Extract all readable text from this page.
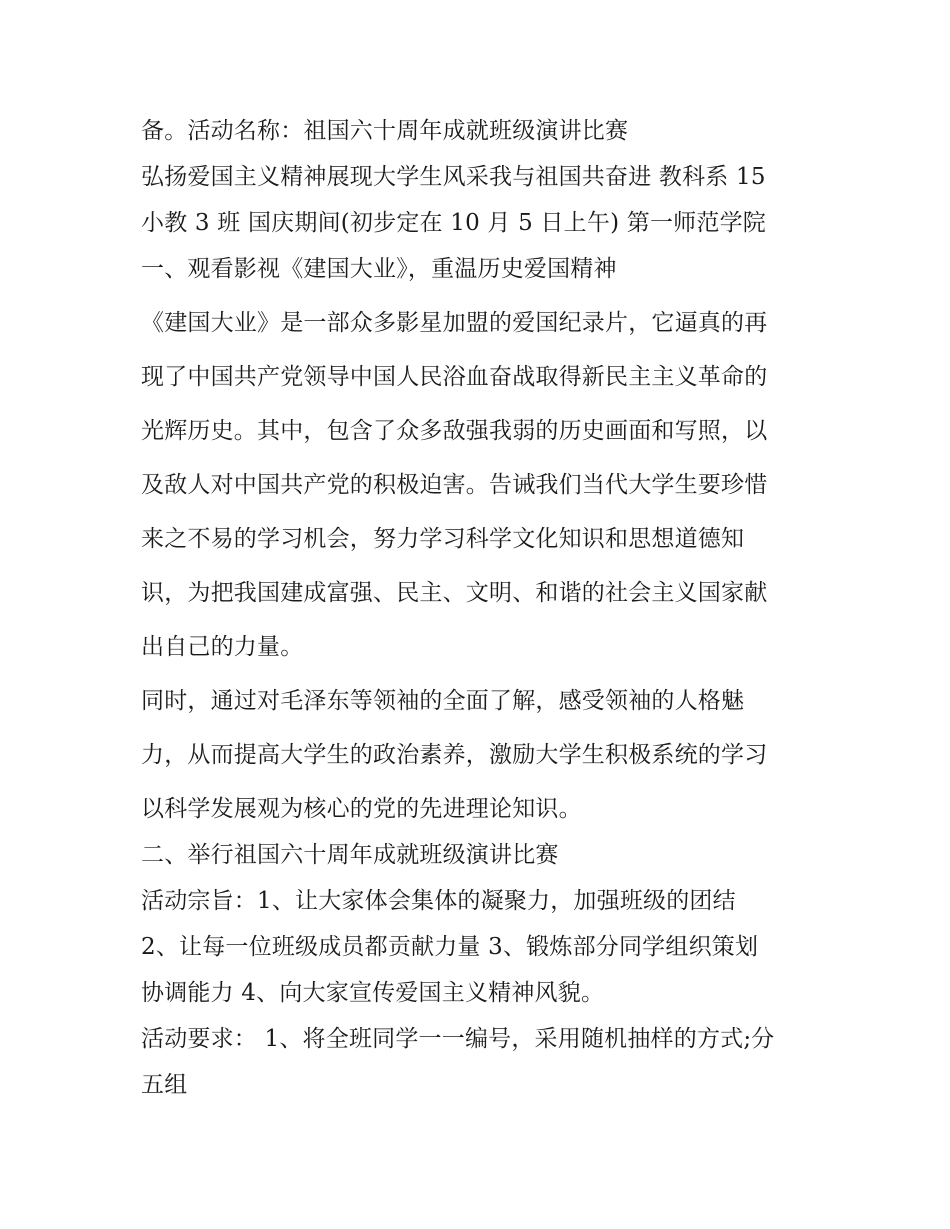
备。活动名称：祖国六十周年成就班级演讲比赛
弘扬爱国主义精神展现大学生风采我与祖国共奋进 教科系 15
小教 3 班 国庆期间(初步定在 10 月 5 日上午) 第一师范学院
一、观看影视《建国大业》，重温历史爱国精神
《建国大业》是一部众多影星加盟的爱国纪录片，它逼真的再
现了中国共产党领导中国人民浴血奋战取得新民主主义革命的
光辉历史。其中，包含了众多敌强我弱的历史画面和写照，以
及敌人对中国共产党的积极迫害。告诫我们当代大学生要珍惜
来之不易的学习机会，努力学习科学文化知识和思想道德知
识，为把我国建成富强、民主、文明、和谐的社会主义国家献
出自己的力量。
同时，通过对毛泽东等领袖的全面了解，感受领袖的人格魅
力，从而提高大学生的政治素养，激励大学生积极系统的学习
以科学发展观为核心的党的先进理论知识。
二、举行祖国六十周年成就班级演讲比赛
活动宗旨：1、让大家体会集体的凝聚力，加强班级的团结
2、让每一位班级成员都贡献力量 3、锻炼部分同学组织策划
协调能力 4、向大家宣传爱国主义精神风貌。
活动要求： 1、将全班同学一一编号，采用随机抽样的方式;分
五组
